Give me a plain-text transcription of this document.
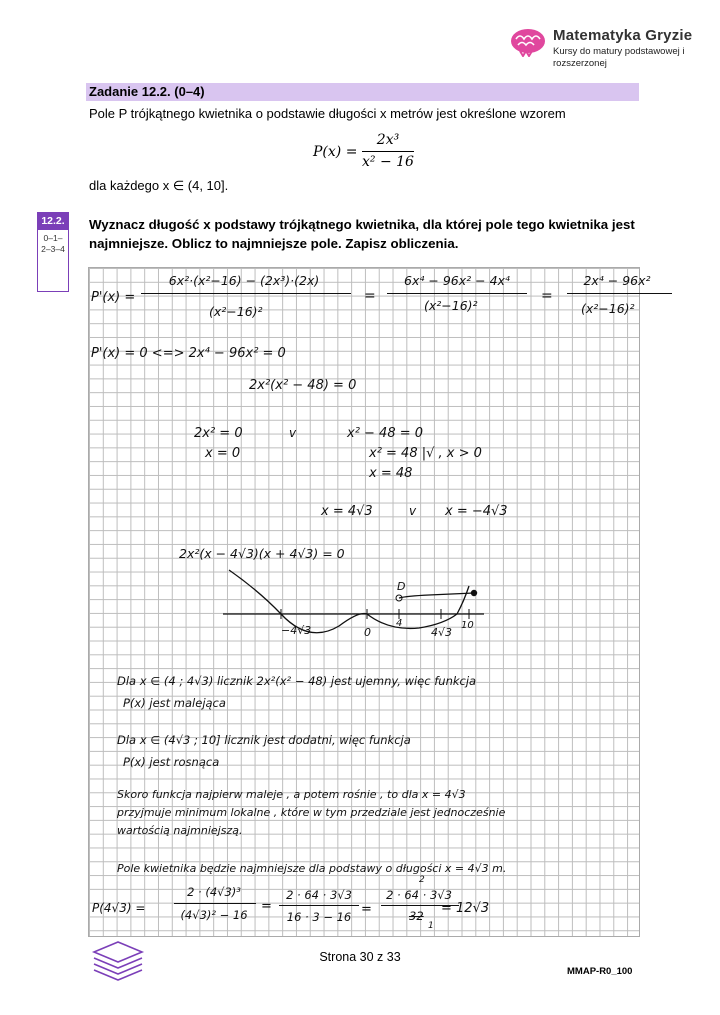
Matematyka Gryzie
Kursy do matury podstawowej i rozszerzonej
Zadanie 12.2. (0–4)
Pole P trójkątnego kwietnika o podstawie długości x metrów jest określone wzorem
P(x) =
2x³
x² − 16
dla każdego x ∈ (4, 10].
12.2.
0–1–
2–3–4
Wyznacz długość x podstawy trójkątnego kwietnika, dla której pole tego kwietnika jest najmniejsze. Oblicz to najmniejsze pole. Zapisz obliczenia.
P'(x) =
6x²·(x²−16) − (2x³)·(2x)
(x²−16)²
=
6x⁴ − 96x² − 4x⁴
(x²−16)²
=
2x⁴ − 96x²
(x²−16)²
P'(x) = 0 <=> 2x⁴ − 96x² = 0
2x²(x² − 48) = 0
2x² = 0	v	x² − 48 = 0
x = 0	x² = 48 |√ , x > 0
x = 48
x = 4√3	v x = −4√3
2x²(x − 4√3)(x + 4√3) = 0
D
−4√3	0
4
4√3
10
Dla x ∈ (4 ; 4√3) licznik 2x²(x² − 48) jest ujemny, więc funkcja
P(x) jest malejąca
Dla x ∈ (4√3 ; 10] licznik jest dodatni, więc funkcja
P(x) jest rosnąca
Skoro funkcja najpierw maleje , a potem rośnie , to dla x = 4√3
przyjmuje minimum lokalne , które w tym przedziale jest jednocześnie
wartością najmniejszą.
Pole kwietnika będzie najmniejsze dla podstawy o długości x = 4√3 m.
P(4√3) =
2 · (4√3)³
(4√3)² − 16
=
2 · 64 · 3√3
16 · 3 − 16 =
2
2 · 64 · 3√3
32
1
= 12√3
Strona 30 z 33
MMAP-R0_100
